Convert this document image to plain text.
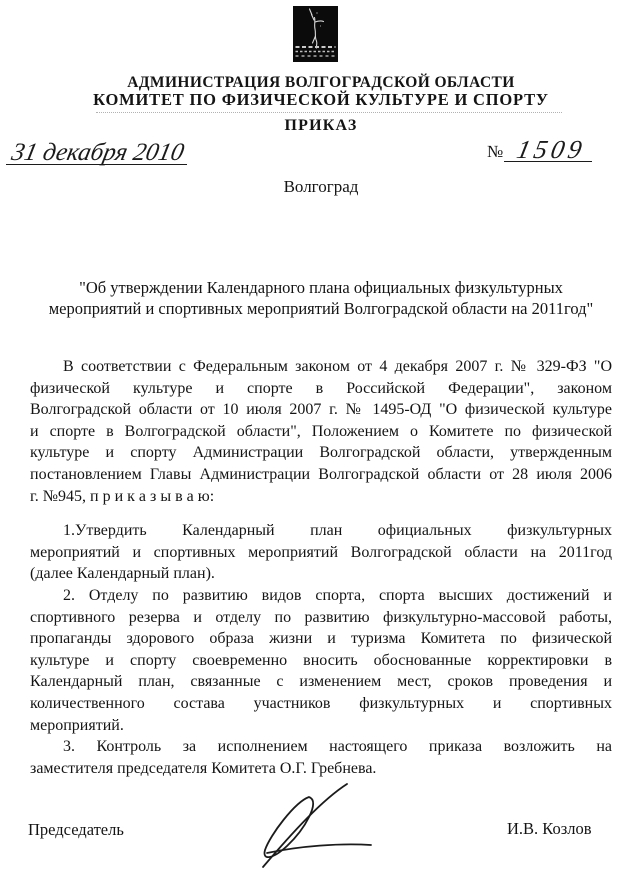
АДМИНИСТРАЦИЯ ВОЛГОГРАДСКОЙ ОБЛАСТИ
КОМИТЕТ ПО ФИЗИЧЕСКОЙ КУЛЬТУРЕ И СПОРТУ
ПРИКАЗ
31 декабря 2010	№ 1509
Волгоград
"Об утверждении Календарного плана официальных физкультурных
мероприятий и спортивных мероприятий Волгоградской области на 2011год"
В соответствии с Федеральным законом от 4 декабря 2007 г. № 329-ФЗ "О
физической культуре и спорте в Российской Федерации", законом
Волгоградской области от 10 июля 2007 г. № 1495-ОД "О физической культуре
и спорте в Волгоградской области", Положением о Комитете по физической
культуре и спорту Администрации Волгоградской области, утвержденным
постановлением Главы Администрации Волгоградской области от 28 июля 2006
г. №945, п р и к а з ы в а ю:
1.Утвердить Календарный план официальных физкультурных
мероприятий и спортивных мероприятий Волгоградской области на 2011год
(далее Календарный план).
2. Отделу по развитию видов спорта, спорта высших достижений и
спортивного резерва и отделу по развитию физкультурно-массовой работы,
пропаганды здорового образа жизни и туризма Комитета по физической
культуре и спорту своевременно вносить обоснованные корректировки в
Календарный план, связанные с изменением мест, сроков проведения и
количественного состава участников физкультурных и спортивных
мероприятий.
3. Контроль за исполнением настоящего приказа возложить на
заместителя председателя Комитета О.Г. Гребнева.
Председатель	И.В. Козлов
